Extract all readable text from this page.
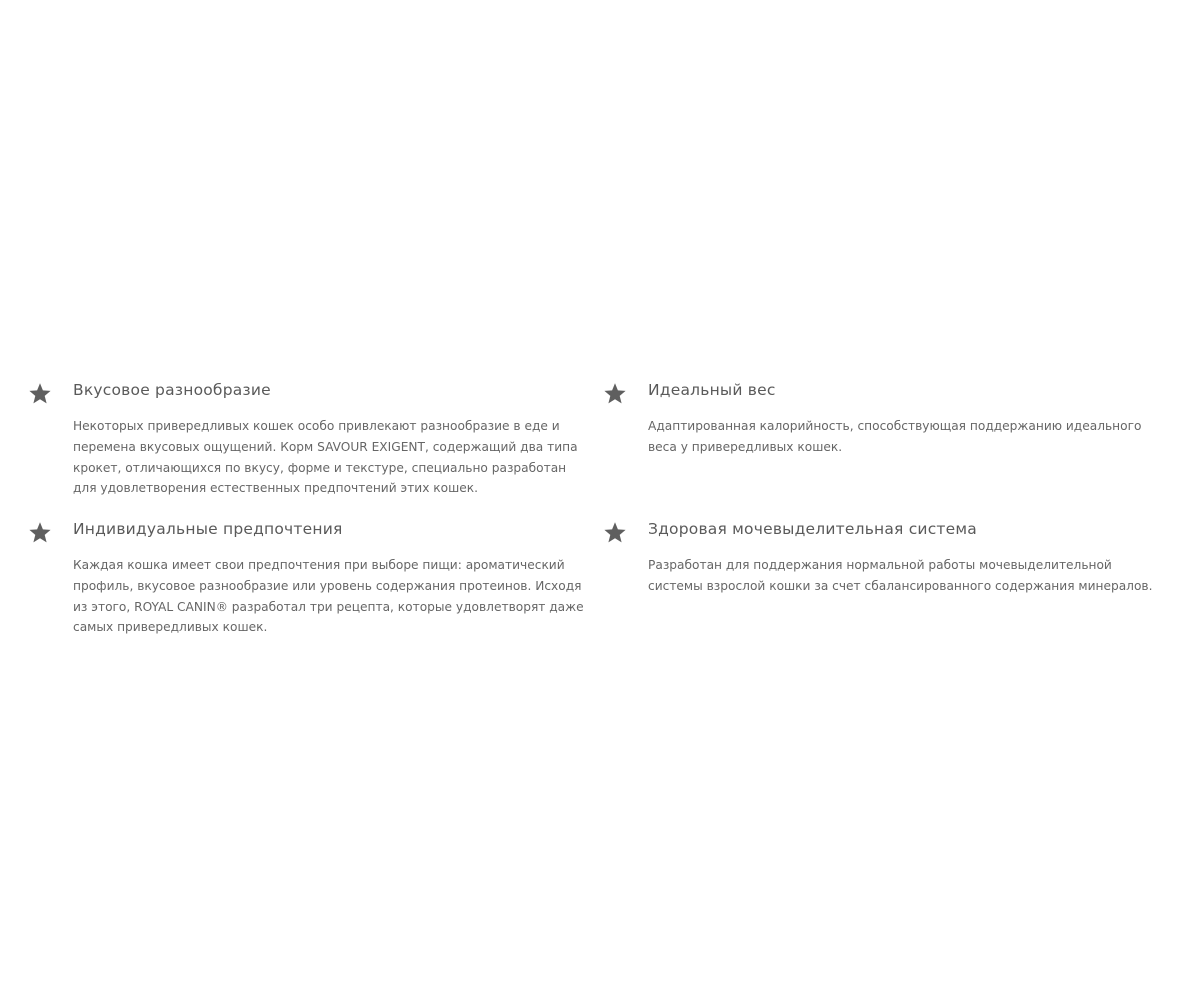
Вкусовое разнообразие

Некоторых привередливых кошек особо привлекают разнообразие в еде и перемена вкусовых ощущений. Корм SAVOUR EXIGENT, содержащий два типа крокет, отличающихся по вкусу, форме и текстуре, специально разработан для удовлетворения естественных предпочтений этих кошек.

Идеальный вес

Адаптированная калорийность, способствующая поддержанию идеального веса у привередливых кошек.

Индивидуальные предпочтения

Каждая кошка имеет свои предпочтения при выборе пищи: ароматический профиль, вкусовое разнообразие или уровень содержания протеинов. Исходя из этого, ROYAL CANIN® разработал три рецепта, которые удовлетворят даже самых привередливых кошек.

Здоровая мочевыделительная система

Разработан для поддержания нормальной работы мочевыделительной системы взрослой кошки за счет сбалансированного содержания минералов.
